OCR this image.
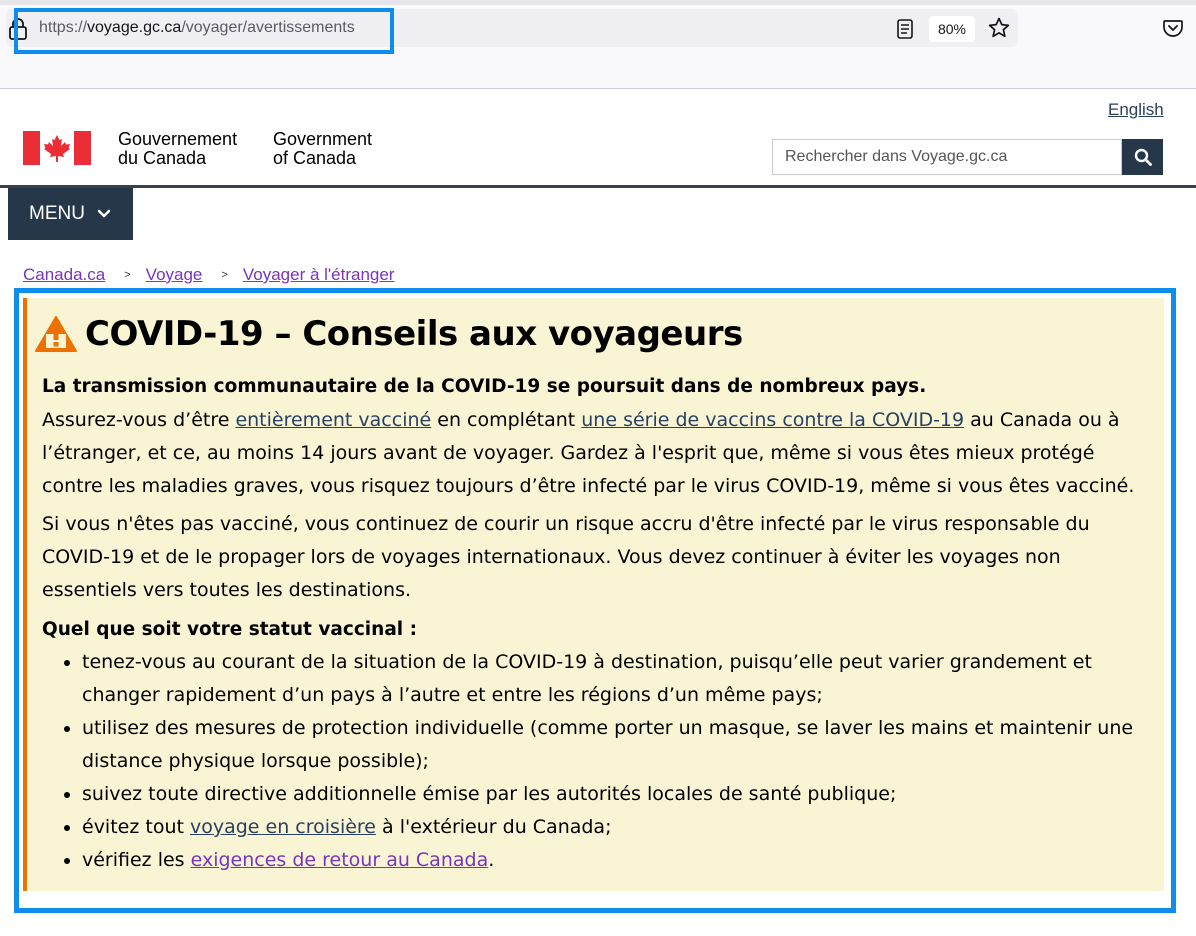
https://voyage.gc.ca/voyager/avertissements	80%
English
Gouvernement
du Canada
Government
of Canada
Rechercher dans Voyage.gc.ca
MENU
Canada.ca > Voyage > Voyager à l'étranger
COVID-19 – Conseils aux voyageurs
La transmission communautaire de la COVID-19 se poursuit dans de nombreux pays.
Assurez-vous d’être entièrement vacciné en complétant une série de vaccins contre la COVID-19 au Canada ou à l’étranger, et ce, au moins 14 jours avant de voyager. Gardez à l'esprit que, même si vous êtes mieux protégé contre les maladies graves, vous risquez toujours d’être infecté par le virus COVID-19, même si vous êtes vacciné.
Si vous n'êtes pas vacciné, vous continuez de courir un risque accru d'être infecté par le virus responsable du COVID-19 et de le propager lors de voyages internationaux. Vous devez continuer à éviter les voyages non essentiels vers toutes les destinations.
Quel que soit votre statut vaccinal :
• tenez-vous au courant de la situation de la COVID-19 à destination, puisqu’elle peut varier grandement et changer rapidement d’un pays à l’autre et entre les régions d’un même pays;
• utilisez des mesures de protection individuelle (comme porter un masque, se laver les mains et maintenir une distance physique lorsque possible);
• suivez toute directive additionnelle émise par les autorités locales de santé publique;
• évitez tout voyage en croisière à l'extérieur du Canada;
• vérifiez les exigences de retour au Canada.
